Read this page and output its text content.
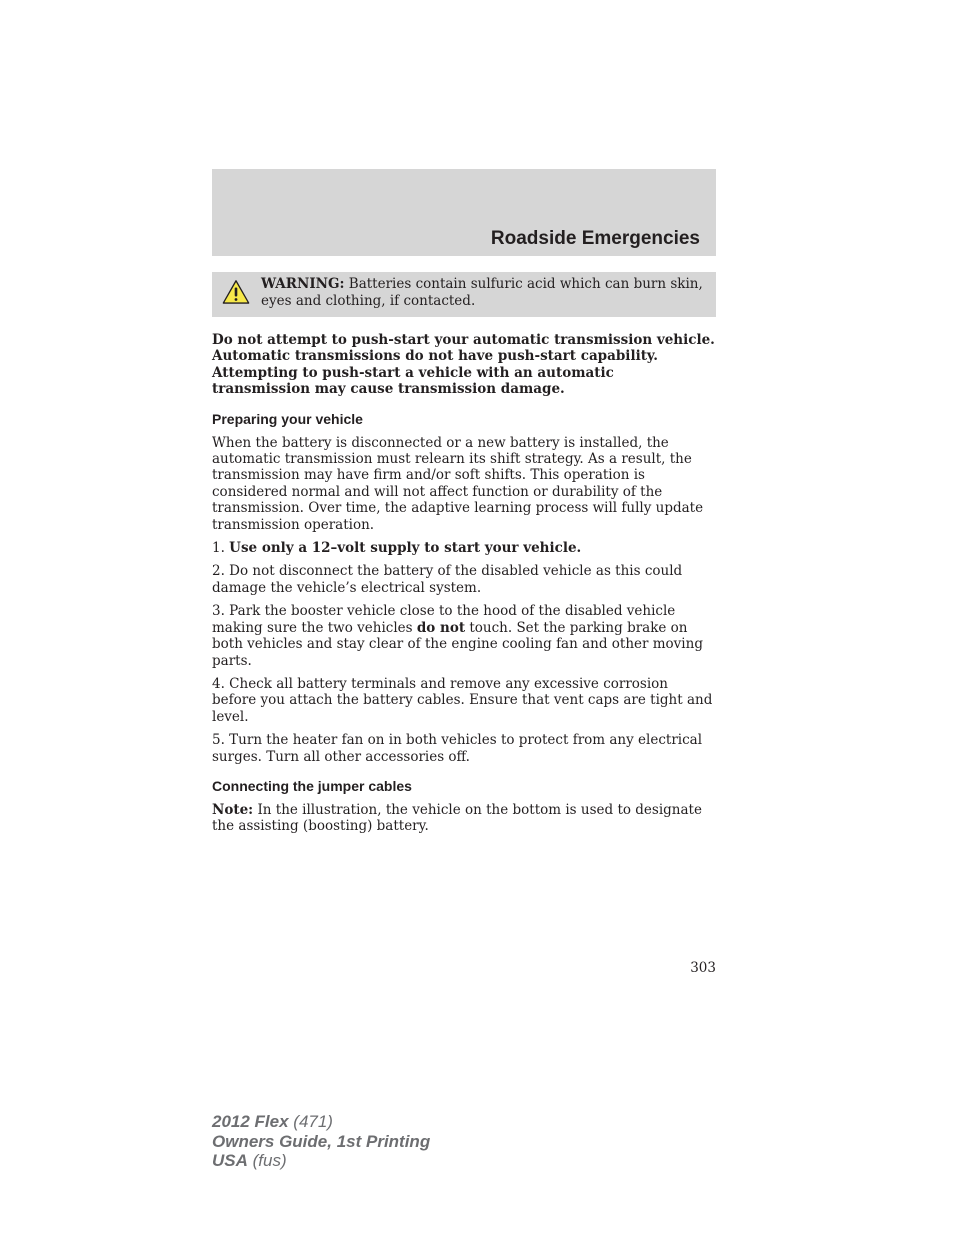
Roadside Emergencies
WARNING: Batteries contain sulfuric acid which can burn skin, eyes and clothing, if contacted.

Do not attempt to push-start your automatic transmission vehicle. Automatic transmissions do not have push-start capability. Attempting to push-start a vehicle with an automatic transmission may cause transmission damage.

Preparing your vehicle

When the battery is disconnected or a new battery is installed, the automatic transmission must relearn its shift strategy. As a result, the transmission may have firm and/or soft shifts. This operation is considered normal and will not affect function or durability of the transmission. Over time, the adaptive learning process will fully update transmission operation.

1. Use only a 12–volt supply to start your vehicle.

2. Do not disconnect the battery of the disabled vehicle as this could damage the vehicle’s electrical system.

3. Park the booster vehicle close to the hood of the disabled vehicle making sure the two vehicles do not touch. Set the parking brake on both vehicles and stay clear of the engine cooling fan and other moving parts.

4. Check all battery terminals and remove any excessive corrosion before you attach the battery cables. Ensure that vent caps are tight and level.

5. Turn the heater fan on in both vehicles to protect from any electrical surges. Turn all other accessories off.

Connecting the jumper cables

Note: In the illustration, the vehicle on the bottom is used to designate the assisting (boosting) battery.

303
2012 Flex (471)
Owners Guide, 1st Printing
USA (fus)
